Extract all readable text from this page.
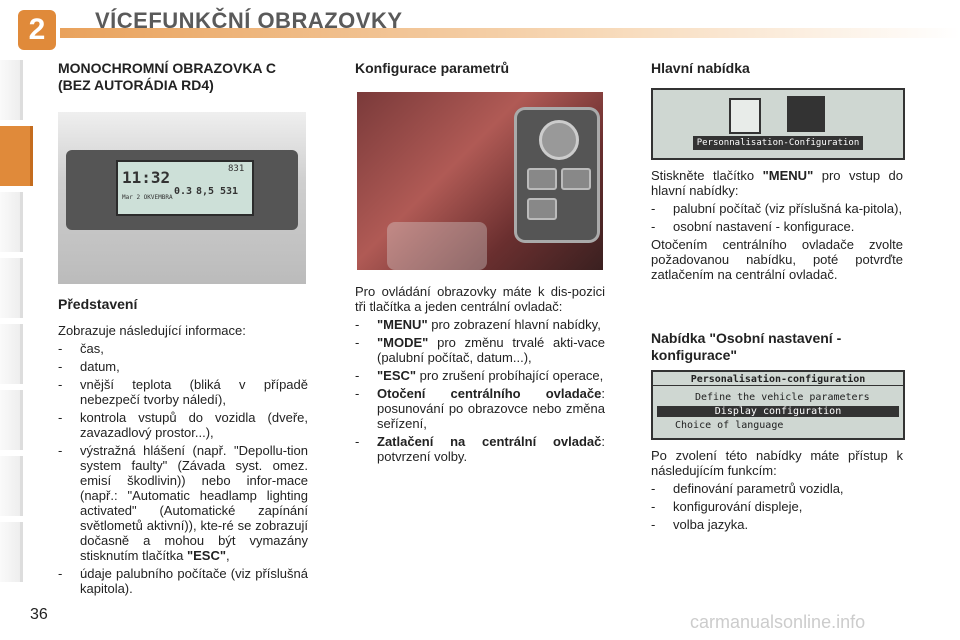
2	VÍCEFUNKČNÍ OBRAZOVKY
MONOCHROMNÍ OBRAZOVKA C (BEZ AUTORÁDIA RD4)
11:32
Mar 2 OKVEMBRA
831
8,5
0.3	531
Představení

Zobrazuje následující informace:

-	čas,
-	datum,
-	vnější teplota (bliká v případě nebezpečí tvorby náledí),
-	kontrola vstupů do vozidla (dveře, zavazadlový prostor...),
-	výstražná hlášení (např. "Depollu-tion system faulty" (Závada syst. omez. emisí škodlivin)) nebo infor-mace (např.: "Automatic headlamp lighting activated" (Automatické zapínání světlometů aktivní)), kte-ré se zobrazují dočasně a mohou být vymazány stisknutím tlačítka "ESC",
-	údaje palubního počítače (viz příslušná kapitola).
Konfigurace parametrů

Pro ovládání obrazovky máte k dis-pozici tři tlačítka a jeden centrální ovladač:

-	"MENU" pro zobrazení hlavní nabídky,
-	"MODE" pro změnu trvalé akti-vace (palubní počítač, datum...),
-	"ESC" pro zrušení probíhající operace,
-	Otočení centrálního ovladače: posunování po obrazovce nebo změna seřízení,
-	Zatlačení na centrální ovladač: potvrzení volby.
Hlavní nabídka
Personnalisation-Configuration

Stiskněte tlačítko "MENU" pro vstup do hlavní nabídky:

-	palubní počítač (viz příslušná ka-pitola),
-	osobní nastavení - konfigurace.

Otočením centrálního ovladače zvolte požadovanou nabídku, poté potvrďte zatlačením na centrální ovladač.

Nabídka "Osobní nastavení - konfigurace"
Personalisation-configuration
Define the vehicle parameters
Display configuration
Choice of language

Po zvolení této nabídky máte přístup k následujícím funkcím:

-	definování parametrů vozidla,
-	konfigurování displeje,
-	volba jazyka.
36	carmanualsonline.info
